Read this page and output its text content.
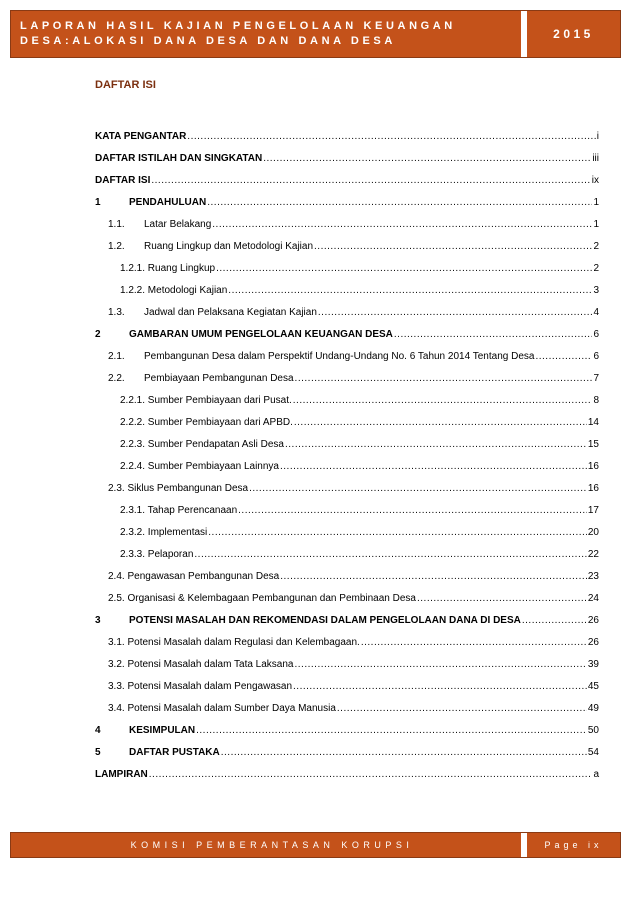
LAPORAN HASIL KAJIAN PENGELOLAAN KEUANGAN
DESA:ALOKASI DANA DESA DAN DANA DESA	2015
DAFTAR ISI
KATA PENGANTAR .....	i
DAFTAR ISTILAH DAN SINGKATAN .....	iii
DAFTAR ISI .....	ix
1	PENDAHULUAN .....	1
1.1.	Latar Belakang .....	1
1.2.	Ruang Lingkup dan Metodologi Kajian .....	2
1.2.1. Ruang Lingkup .....	2
1.2.2. Metodologi Kajian .....	3
1.3.	Jadwal dan Pelaksana Kegiatan Kajian .....	4
2	GAMBARAN UMUM PENGELOLAAN KEUANGAN DESA .....	6
2.1.	Pembangunan Desa dalam Perspektif Undang-Undang No. 6 Tahun 2014 Tentang Desa .....	6
2.2.	Pembiayaan Pembangunan Desa .....	7
2.2.1. Sumber Pembiayaan dari Pusat. .....	8
2.2.2. Sumber Pembiayaan dari APBD. .....	14
2.2.3. Sumber Pendapatan Asli Desa .....	15
2.2.4. Sumber Pembiayaan Lainnya .....	16
2.3. Siklus Pembangunan Desa .....	16
2.3.1. Tahap Perencanaan .....	17
2.3.2. Implementasi .....	20
2.3.3. Pelaporan .....	22
2.4. Pengawasan Pembangunan Desa .....	23
2.5. Organisasi & Kelembagaan Pembangunan dan Pembinaan Desa .....	24
3	POTENSI MASALAH DAN REKOMENDASI DALAM PENGELOLAAN DANA DI DESA .....	26
3.1. Potensi Masalah dalam Regulasi dan Kelembagaan. .....	26
3.2. Potensi Masalah dalam Tata Laksana .....	39
3.3. Potensi Masalah dalam Pengawasan .....	45
3.4. Potensi Masalah dalam Sumber Daya Manusia .....	49
4	KESIMPULAN .....	50
5	DAFTAR PUSTAKA .....	54
LAMPIRAN .....	a
KOMISI PEMBERANTASAN KORUPSI	Page ix
